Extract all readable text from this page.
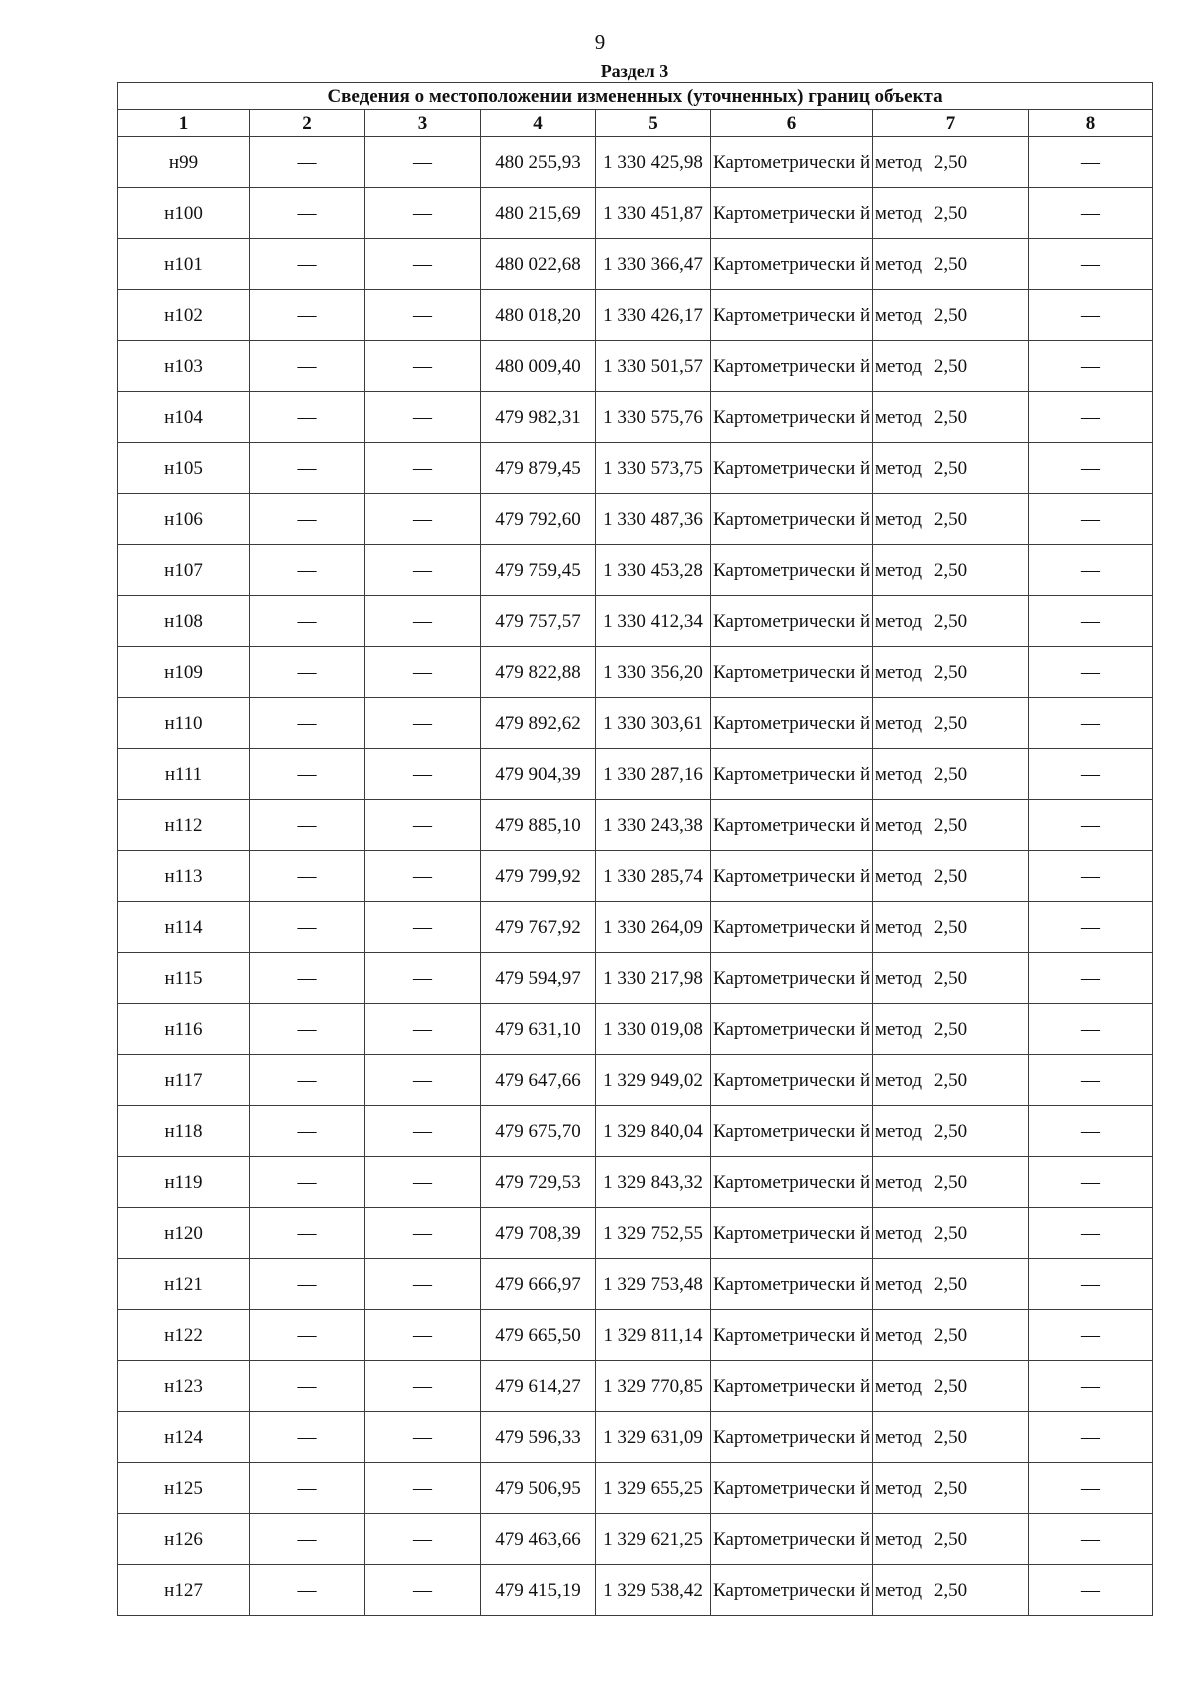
9
Раздел 3
Сведения о местоположении измененных (уточненных) границ объекта							
1	2	3	4	5	6	7	8
н99	—	—	480 255,93	1 330 425,98	Картометрически й метод	2,50	—
н100	—	—	480 215,69	1 330 451,87	Картометрически й метод	2,50	—
н101	—	—	480 022,68	1 330 366,47	Картометрически й метод	2,50	—
н102	—	—	480 018,20	1 330 426,17	Картометрически й метод	2,50	—
н103	—	—	480 009,40	1 330 501,57	Картометрически й метод	2,50	—
н104	—	—	479 982,31	1 330 575,76	Картометрически й метод	2,50	—
н105	—	—	479 879,45	1 330 573,75	Картометрически й метод	2,50	—
н106	—	—	479 792,60	1 330 487,36	Картометрически й метод	2,50	—
н107	—	—	479 759,45	1 330 453,28	Картометрически й метод	2,50	—
н108	—	—	479 757,57	1 330 412,34	Картометрически й метод	2,50	—
н109	—	—	479 822,88	1 330 356,20	Картометрически й метод	2,50	—
н110	—	—	479 892,62	1 330 303,61	Картометрически й метод	2,50	—
н111	—	—	479 904,39	1 330 287,16	Картометрически й метод	2,50	—
н112	—	—	479 885,10	1 330 243,38	Картометрически й метод	2,50	—
н113	—	—	479 799,92	1 330 285,74	Картометрически й метод	2,50	—
н114	—	—	479 767,92	1 330 264,09	Картометрически й метод	2,50	—
н115	—	—	479 594,97	1 330 217,98	Картометрически й метод	2,50	—
н116	—	—	479 631,10	1 330 019,08	Картометрически й метод	2,50	—
н117	—	—	479 647,66	1 329 949,02	Картометрически й метод	2,50	—
н118	—	—	479 675,70	1 329 840,04	Картометрически й метод	2,50	—
н119	—	—	479 729,53	1 329 843,32	Картометрически й метод	2,50	—
н120	—	—	479 708,39	1 329 752,55	Картометрически й метод	2,50	—
н121	—	—	479 666,97	1 329 753,48	Картометрически й метод	2,50	—
н122	—	—	479 665,50	1 329 811,14	Картометрически й метод	2,50	—
н123	—	—	479 614,27	1 329 770,85	Картометрически й метод	2,50	—
н124	—	—	479 596,33	1 329 631,09	Картометрически й метод	2,50	—
н125	—	—	479 506,95	1 329 655,25	Картометрически й метод	2,50	—
н126	—	—	479 463,66	1 329 621,25	Картометрически й метод	2,50	—
н127	—	—	479 415,19	1 329 538,42	Картометрически й метод	2,50	—
